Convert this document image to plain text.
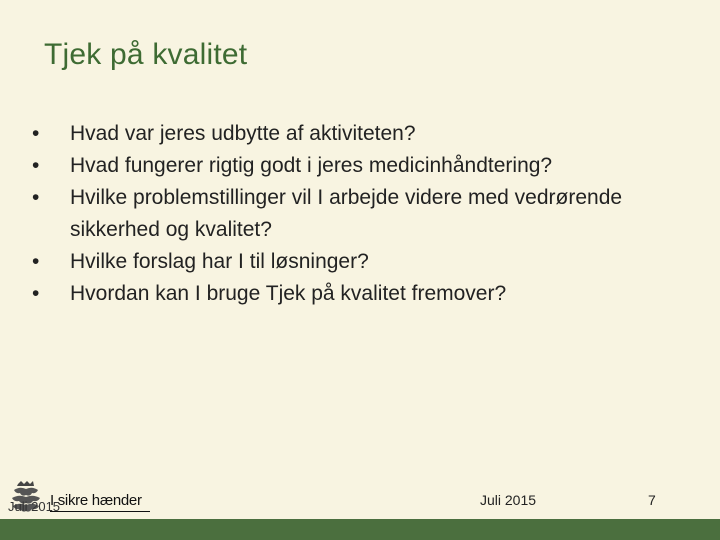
Tjek på kvalitet
• Hvad var jeres udbytte af aktiviteten?
• Hvad fungerer rigtig godt i jeres medicinhåndtering?
• Hvilke problemstillinger vil I arbejde videre med vedrørende sikkerhed og kvalitet?
• Hvilke forslag har I til løsninger?
• Hvordan kan I bruge Tjek på kvalitet fremover?
I sikre hænder
Juli 2015	Juli 2015	7
